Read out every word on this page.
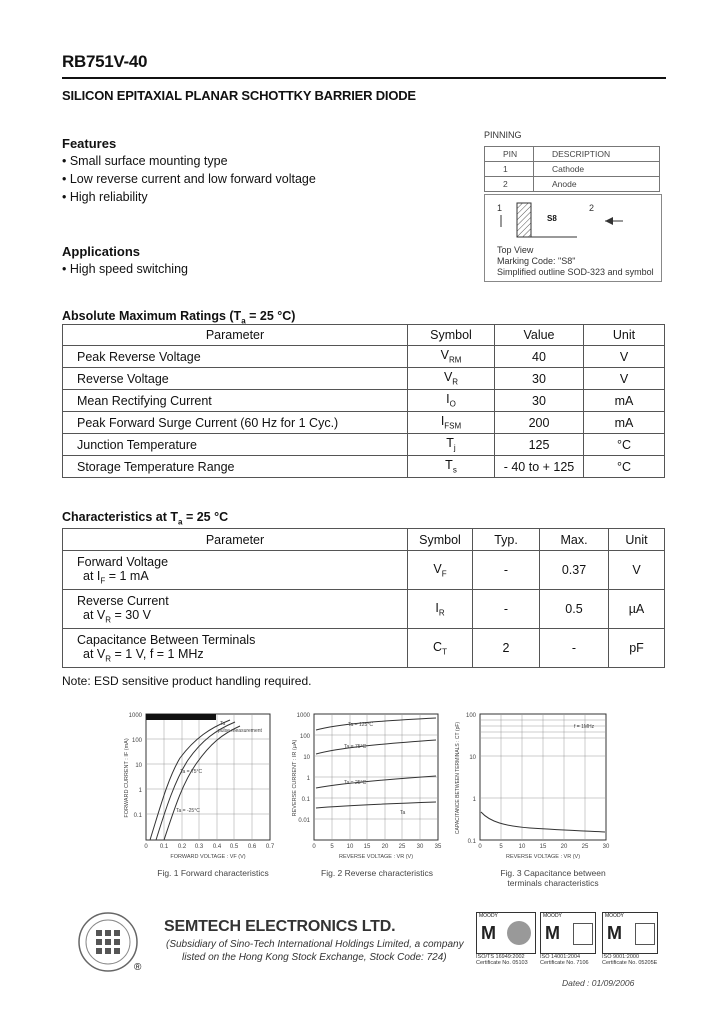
RB751V-40
SILICON EPITAXIAL PLANAR SCHOTTKY BARRIER DIODE
Features
• Small surface mounting type
• Low reverse current and low forward voltage
• High reliability
Applications
• High speed switching
PINNING
PIN	DESCRIPTION
1	Cathode
2	Anode
1	2
S8
Top View
Marking Code: "S8"
Simplified outline SOD-323 and symbol
Absolute Maximum Ratings ($T_a = 25$ °C)
Parameter	Symbol	Value	Unit
Peak Reverse Voltage	$V_{RM}$	40	V
Reverse Voltage	$V_R$	30	V
Mean Rectifying Current	$I_O$	30	mA
Peak Forward Surge Current (60 Hz for 1 Cyc.)	$I_{FSM}$	200	mA
Junction Temperature	$T_j$	125	°C
Storage Temperature Range	$T_s$	- 40 to + 125	°C
Characteristics at $T_a = 25$ °C
Parameter	Symbol	Typ.	Max.	Unit

Forward Voltage
at $I_F = 1$ mA	$V_F$	-	0.37	V

Reverse Current
at $V_R = 30$ V	$I_R$	-	0.5	µA

Capacitance Between Terminals
at $V_R = 1$ V, f = 1 MHz	$C_T$	2	-	pF
Note: ESD sensitive product handling required.
1000
100
10
1
0.1
0 0.1 0.2 0.3 0.4 0.5 0.6 0.7
FORWARD VOLTAGE : VF (V)
FORWARD CURRENT : IF (mA)
Ta
pulse measurement
Ta = 75°C
Ta = -25°C
Fig. 1 Forward characteristics
1000
100
10
1
0.1
0.01
0 5 10 15 20 25 30 35
REVERSE VOLTAGE : VR (V)
REVERSE CURRENT : IR (µA)
Ta = 125°C
Ta = 75°C
Ta = 25°C
Ta
Fig. 2 Reverse characteristics
100
10
1
0.1
0	5	10 15 20 25 30
REVERSE VOLTAGE : VR (V)
CAPACITANCE BETWEEN TERMINALS : CT (pF)	f = 1MHz
Fig. 3 Capacitance between
terminals characteristics
®
SEMTECH ELECTRONICS LTD.
(Subsidiary of Sino-Tech International Holdings Limited, a company
listed on the Hong Kong Stock Exchange, Stock Code: 724)
MOODY
M
ISO/TS 16949:2002
Certificate No. 05103
MOODY
M
ISO 14001:2004
Certificate No. 7106
MOODY
M
ISO 9001:2000
Certificate No. 05205E
Dated : 01/09/2006
